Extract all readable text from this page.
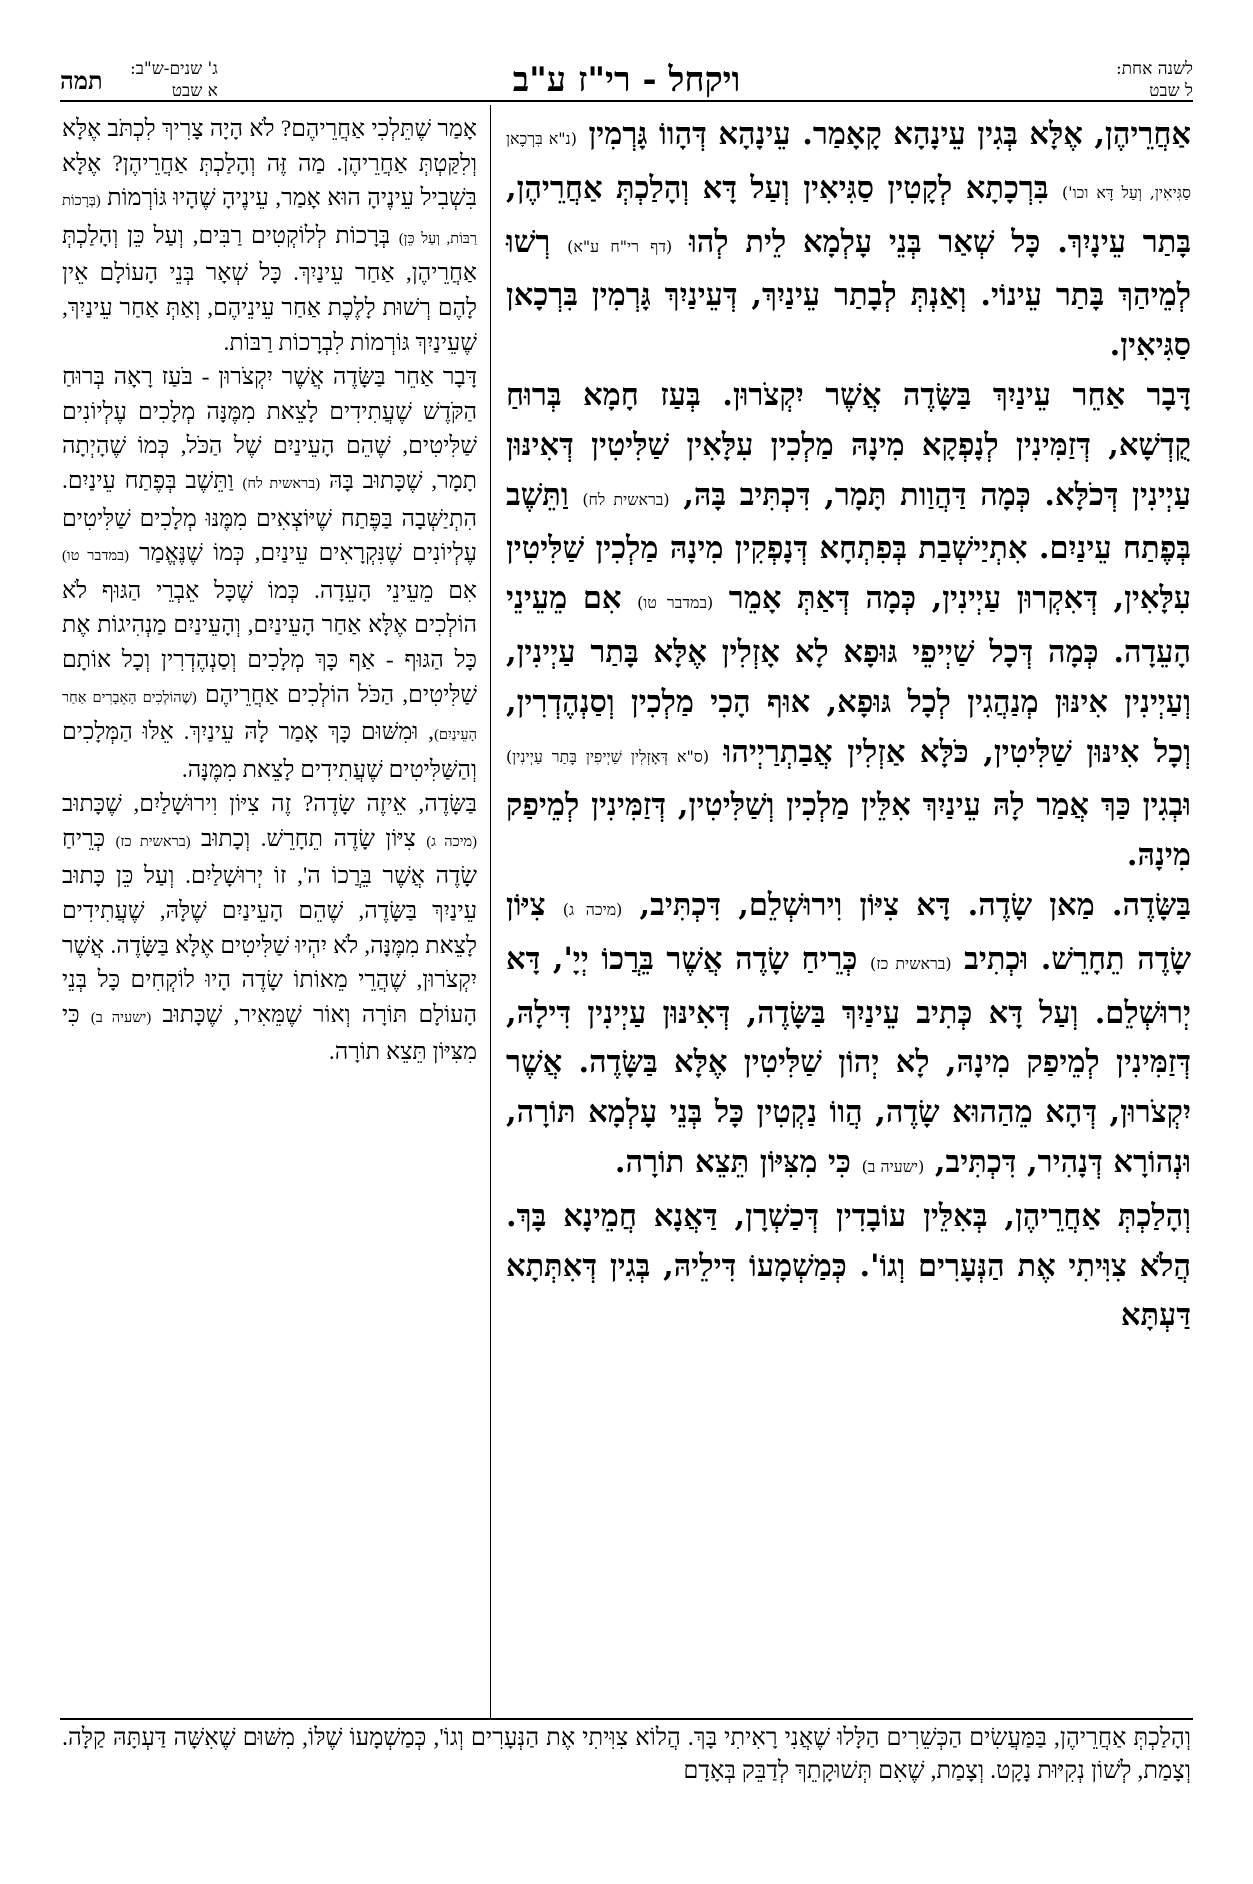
לשנה אחת:
ל שבט
ויקחל - רי"ז ע"ב
ג' שנים-ש"ב:
א שבט
תמה

אַחֲרֵיהֶן, אֶלָּא בְּגִין עֵינָהָא קָאָמַר. עֵינָהָא דְּהָווֹ גָּרְמִין (נ"א בִּרְכָאן סַגִּיאִין, וְעַל דָּא וכו') בִּרְכָתָא לְקָטִין סַגִּיאִין וְעַל דָּא וְהָלַכְתְּ אַחֲרֵיהֶן, בָּתַר עֵינָיִךְ. כָּל שְׁאַר בְּנֵי עָלְמָא לֵית לְהוּ (דף רי"ח ע"א) רְשׁוּ לְמֵיהַךְ בָּתַר עֵינוֹי. וְאַנְתְּ לְבָתַר עֵינַיִךְ, דְּעֵינַיִךְ גָּרְמִין בִּרְכָאן סַגִּיאִין.

דָּבָר אַחֵר עֵינַיִךְ בַּשָּׂדֶה אֲשֶׁר יִקְצֹרוּן. בְּעַז חָמָא בְּרוּחַ קֻדְשָׁא, דְּזַמִּינִין לְנָפְקָא מִינָהּ מַלְכִין עִלָּאִין שַׁלִּיטִין דְּאִינּוּן עַיְינִין דְּכֹלָּא. כְּמָה דַּהֲוַות תָּמָר, דִּכְתִּיב בָּהּ, (בראשית לח) וַתֵּשֶׁב בְּפֶתַח עֵינַיִם. אִתְיַישְׁבַת בְּפִתְחָא דְּנָפְקִין מִינָהּ מַלְכִין שַׁלִּיטִין עִלָּאִין, דְּאִקְרוּן עַיְינִין, כְּמָה דְּאַתְּ אָמֵר (במדבר טו) אִם מֵעֵינֵי הָעֵדָה. כְּמָה דְּכָל שַׁיְיפֵי גּוּפָא לָא אָזְלִין אֶלָּא בָּתַר עַיְינִין, וְעַיְינִין אִינּוּן מְנַהֲגִין לְכָל גּוּפָא, אוּף הָכִי מַלְכִין וְסַנְהֶדְרִין, וְכָל אִינּוּן שַׁלִּיטִין, כֹּלָּא אַזְלִין אֲבַתְרַיְיהוּ (ס"א דְּאָזְלִין שַׁיְיפִין בָּתַר עַיְינִין) וּבְגִין כַּךְ אֲמַר לָהּ עֵינַיִךְ אִלֵּין מַלְכִין וְשַׁלִּיטִין, דְּזַמִּינִין לְמֵיפַק מִינָהּ.

בַּשָּׂדֶה. מַאן שָׂדֶה. דָּא צִיּוֹן וִירוּשְׁלֵם, דִּכְתִּיב, (מיכה ג) צִיּוֹן שָׂדֶה תֵחָרֵשׁ. וּכְתִיב (בראשית כז) כְּרֵיחַ שָׂדֶה אֲשֶׁר בֵּרֲכוֹ יְיָ', דָּא יְרוּשְׁלֵם. וְעַל דָּא כְּתִיב עֵינַיִךְ בַּשָּׂדֶה, דְּאִינּוּן עַיְינִין דִּילָהּ, דְּזַמִּינִין לְמֵיפַק מִינָהּ, לָא יְהוֹן שַׁלִּיטִין אֶלָּא בַּשָּׂדֶה. אֲשֶׁר יִקְצֹרוּן, דְּהָא מֵהַהוּא שָׂדֶה, הֲווֹ נַקְטִין כָּל בְּנֵי עָלְמָא תּוֹרָה, וּנְהוֹרָא דְּנָהִיר, דִּכְתִּיב, (ישעיה ב) כִּי מִצִּיּוֹן תֵּצֵא תוֹרָה.

וְהָלַכְתְּ אַחֲרֵיהֶן, בְּאִלֵּין עוֹבָדִין דְּכַשְׁרָן, דַּאֲנָא חֲמֵינָא בָּךְ. הֲלֹא צִוִּיתִי אֶת הַנְּעָרִים וְגוֹ'. כְּמַשְׁמָעוֹ דִּילֵיהּ, בְּגִין דְּאִתְּתָא דַּעְתָּא

אָמַר שֶׁתֵּלְכִי אַחֲרֵיהֶם? לֹא הָיָה צָרִיךְ לִכְתֹּב אֶלָּא וְלִקַּטְתְּ אַחֲרֵיהֶן. מַה זֶּה וְהָלַכְתְּ אַחֲרֵיהֶן? אֶלָּא בִּשְׁבִיל עֵינֶיהָ הוּא אָמַר, עֵינֶיהָ שֶׁהָיוּ גּוֹרְמוֹת (בְּרָכוֹת רַבּוֹת, וְעַל כֵּן) בְּרָכוֹת לְלוֹקְטִים רַבִּים, וְעַל כֵּן וְהָלַכְתְּ אַחֲרֵיהֶן, אַחַר עֵינַיִךְ. כָּל שְׁאָר בְּנֵי הָעוֹלָם אֵין לָהֶם רְשׁוּת לָלֶכֶת אַחַר עֵינֵיהֶם, וְאַתְּ אַחַר עֵינַיִךְ, שֶׁעֵינַיִךְ גּוֹרְמוֹת לִבְרָכוֹת רַבּוֹת.

דָּבָר אַחֵר בַּשָּׂדֶה אֲשֶׁר יִקְצֹרוּן - בֹּעַז רָאָה בְּרוּחַ הַקֹּדֶשׁ שֶׁעֲתִידִים לָצֵאת מִמֶּנָּה מְלָכִים עֶלְיוֹנִים שַׁלִּיטִים, שֶׁהֵם הָעֵינַיִם שֶׁל הַכֹּל, כְּמוֹ שֶׁהָיְתָה תָמָר, שֶׁכָּתוּב בָּהּ (בראשית לח) וַתֵּשֶׁב בְּפֶתַח עֵינַיִם. הִתְיַשְּׁבָה בַּפֶּתַח שֶׁיּוֹצְאִים מִמֶּנּוּ מְלָכִים שַׁלִּיטִים עֶלְיוֹנִים שֶׁנִּקְרָאִים עֵינַיִם, כְּמוֹ שֶׁנֶּאֱמַר (במדבר טו) אִם מֵעֵינֵי הָעֵדָה. כְּמוֹ שֶׁכָּל אֵבְרֵי הַגּוּף לֹא הוֹלְכִים אֶלָּא אַחַר הָעֵינַיִם, וְהָעֵינַיִם מַנְהִיגוֹת אֶת כָּל הַגּוּף - אַף כָּךְ מְלָכִים וְסַנְהֶדְרִין וְכָל אוֹתָם שַׁלִּיטִים, הַכֹּל הוֹלְכִים אַחֲרֵיהֶם (שֶׁהוֹלְכִים הָאֵבָרִים אַחַר הָעֵינַיִם), וּמִשּׁוּם כָּךְ אָמַר לָהּ עֵינַיִךְ. אֵלּוּ הַמְּלָכִים וְהַשַּׁלִּיטִים שֶׁעֲתִידִים לָצֵאת מִמֶּנָּה.

בַּשָּׂדֶה, אֵיזֶה שָׂדֶה? זֶה צִיּוֹן וִירוּשָׁלַיִם, שֶׁכָּתוּב (מיכה ג) צִיּוֹן שָׂדֶה תֵחָרֵשׁ. וְכָתוּב (בראשית כז) כְּרֵיחַ שָׂדֶה אֲשֶׁר בֵּרֲכוֹ ה', זוֹ יְרוּשָׁלַיִם. וְעַל כֵּן כָּתוּב עֵינַיִךְ בַּשָּׂדֶה, שֶׁהֵם הָעֵינַיִם שֶׁלָּהּ, שֶׁעֲתִידִים לָצֵאת מִמֶּנָּה, לֹא יִהְיוּ שַׁלִּיטִים אֶלָּא בַּשָּׂדֶה. אֲשֶׁר יִקְצֹרוּן, שֶׁהֲרֵי מֵאוֹתוֹ שָׂדֶה הָיוּ לוֹקְחִים כָּל בְּנֵי הָעוֹלָם תּוֹרָה וְאוֹר שֶׁמֵּאִיר, שֶׁכָּתוּב (ישעיה ב) כִּי מִצִּיּוֹן תֵּצֵא תוֹרָה.

וְהָלַכְתְּ אַחֲרֵיהֶן, בַּמַּעֲשִׂים הַכְּשֵׁרִים הַלָּלוּ שֶׁאֲנִי רָאִיתִי בָּךְ. הֲלוֹא צִוִּיתִי אֶת הַנְּעָרִים וְגוֹ', כְּמַשְׁמָעוֹ שֶׁלּוֹ, מִשּׁוּם שֶׁאִשָּׁה דַּעְתָּהּ קַלָּה. וְצָמַת, לְשׁוֹן נְקִיּוּת נָקָט. וְצָמַת, שֶׁאִם תְּשׁוּקָתֵךְ לְדַבֵּק בְּאָדָם
